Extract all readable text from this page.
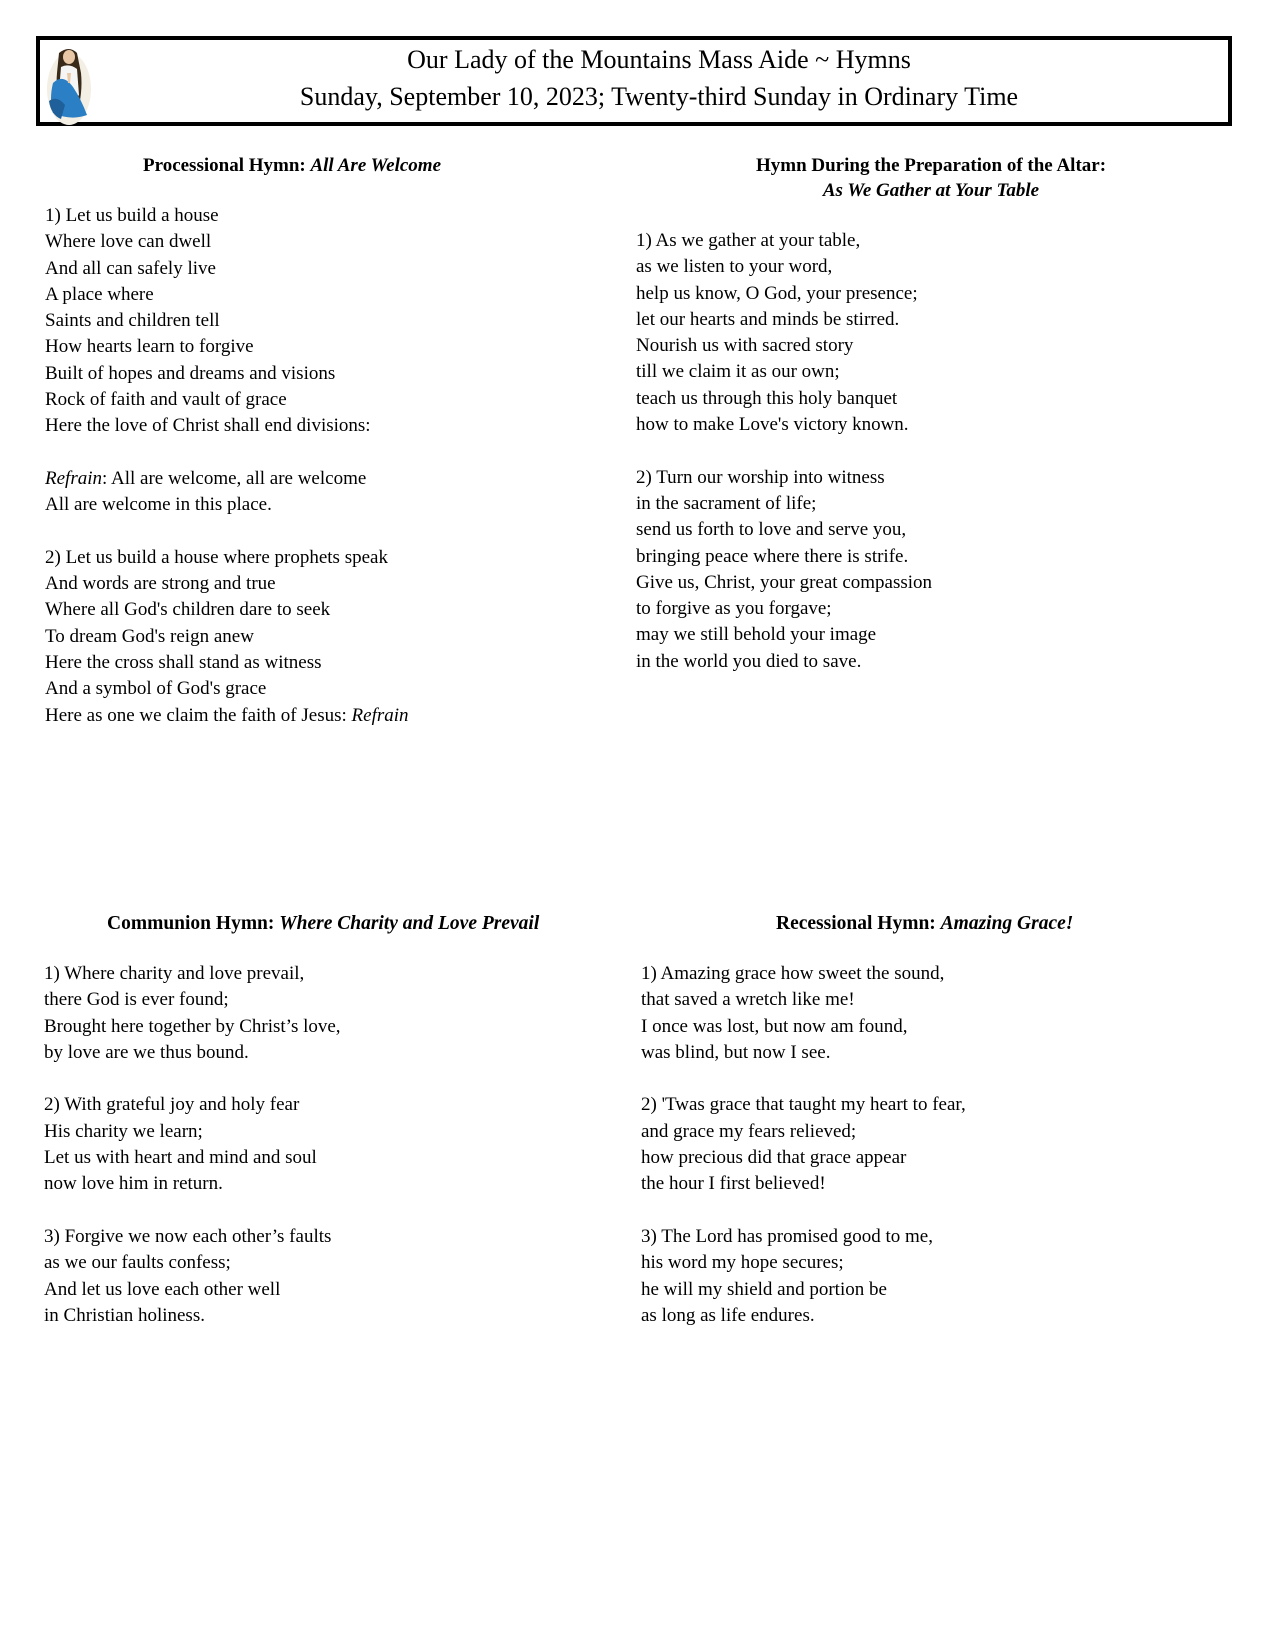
Our Lady of the Mountains Mass Aide ~ Hymns
Sunday, September 10, 2023; Twenty-third Sunday in Ordinary Time
Processional Hymn: All Are Welcome
1) Let us build a house
Where love can dwell
And all can safely live
A place where
Saints and children tell
How hearts learn to forgive
Built of hopes and dreams and visions
Rock of faith and vault of grace
Here the love of Christ shall end divisions:
Refrain: All are welcome, all are welcome
All are welcome in this place.
2) Let us build a house where prophets speak
And words are strong and true
Where all God's children dare to seek
To dream God's reign anew
Here the cross shall stand as witness
And a symbol of God's grace
Here as one we claim the faith of Jesus: Refrain
Hymn During the Preparation of the Altar:
As We Gather at Your Table
1) As we gather at your table,
as we listen to your word,
help us know, O God, your presence;
let our hearts and minds be stirred.
Nourish us with sacred story
till we claim it as our own;
teach us through this holy banquet
how to make Love's victory known.
2) Turn our worship into witness
in the sacrament of life;
send us forth to love and serve you,
bringing peace where there is strife.
Give us, Christ, your great compassion
to forgive as you forgave;
may we still behold your image
in the world you died to save.
Communion Hymn: Where Charity and Love Prevail
1) Where charity and love prevail,
there God is ever found;
Brought here together by Christ’s love,
by love are we thus bound.
2) With grateful joy and holy fear
His charity we learn;
Let us with heart and mind and soul
now love him in return.
3) Forgive we now each other’s faults
as we our faults confess;
And let us love each other well
in Christian holiness.
Recessional Hymn: Amazing Grace!
1) Amazing grace how sweet the sound,
that saved a wretch like me!
I once was lost, but now am found,
was blind, but now I see.
2) 'Twas grace that taught my heart to fear,
and grace my fears relieved;
how precious did that grace appear
the hour I first believed!
3) The Lord has promised good to me,
his word my hope secures;
he will my shield and portion be
as long as life endures.
